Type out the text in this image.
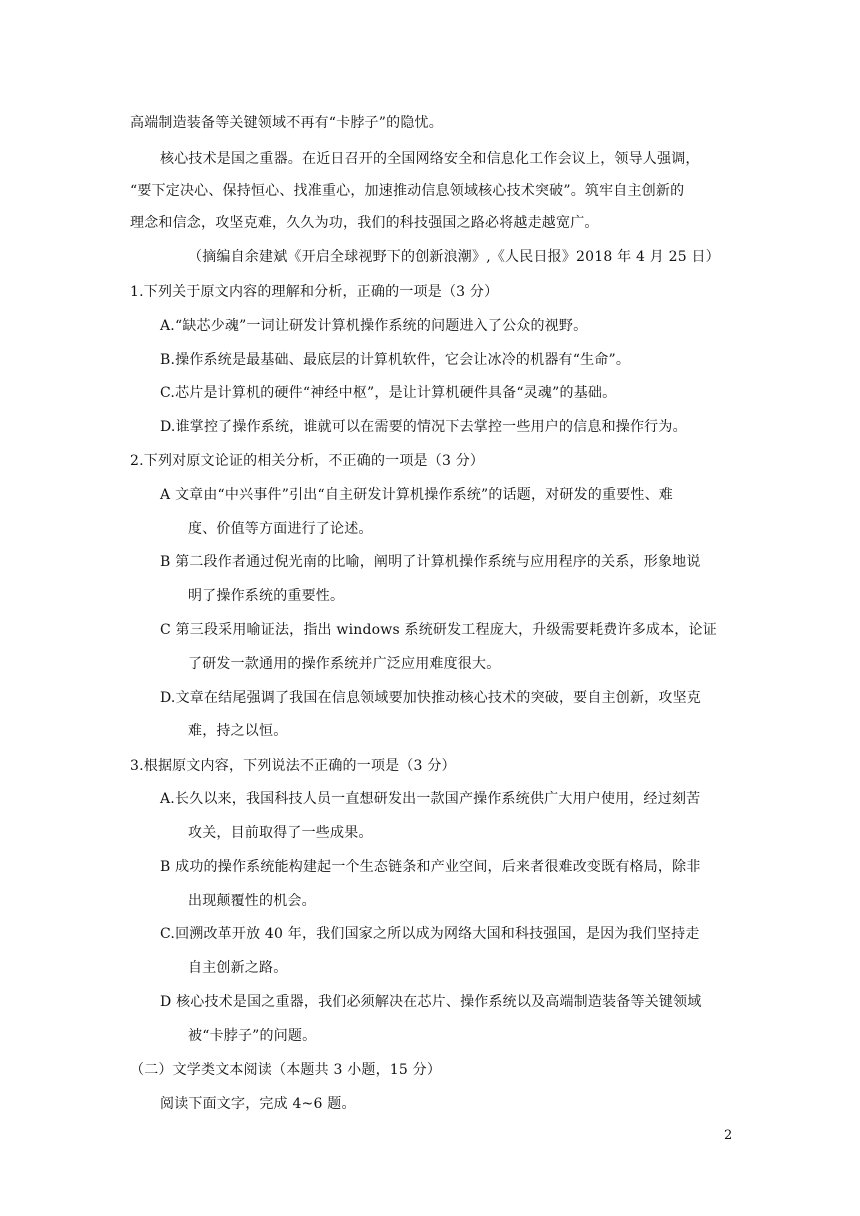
高端制造装备等关键领域不再有“卡脖子”的隐忧。
核心技术是国之重器。在近日召开的全国网络安全和信息化工作会议上，领导人强调，
“要下定决心、保持恒心、找准重心，加速推动信息领域核心技术突破”。筑牢自主创新的
理念和信念，攻坚克难，久久为功，我们的科技强国之路必将越走越宽广。
（摘编自余建斌《开启全球视野下的创新浪潮》,《人民日报》2018 年 4 月 25 日）
1.下列关于原文内容的理解和分析，正确的一项是（3 分）
A.“缺芯少魂”一词让研发计算机操作系统的问题进入了公众的视野。
B.操作系统是最基础、最底层的计算机软件，它会让冰冷的机器有“生命”。
C.芯片是计算机的硬件“神经中枢”，是让计算机硬件具备“灵魂”的基础。
D.谁掌控了操作系统，谁就可以在需要的情况下去掌控一些用户的信息和操作行为。
2.下列对原文论证的相关分析，不正确的一项是（3 分）
A 文章由“中兴事件”引出“自主研发计算机操作系统”的话题，对研发的重要性、难
度、价值等方面进行了论述。
B 第二段作者通过倪光南的比喻，阐明了计算机操作系统与应用程序的关系，形象地说
明了操作系统的重要性。
C 第三段采用喻证法，指出 windows 系统研发工程庞大，升级需要耗费许多成本，论证
了研发一款通用的操作系统并广泛应用难度很大。
D.文章在结尾强调了我国在信息领域要加快推动核心技术的突破，要自主创新，攻坚克
难，持之以恒。
3.根据原文内容，下列说法不正确的一项是（3 分）
A.长久以来，我国科技人员一直想研发出一款国产操作系统供广大用户使用，经过刻苦
攻关，目前取得了一些成果。
B 成功的操作系统能构建起一个生态链条和产业空间，后来者很难改变既有格局，除非
出现颠覆性的机会。
C.回溯改革开放 40 年，我们国家之所以成为网络大国和科技强国，是因为我们坚持走
自主创新之路。
D 核心技术是国之重器，我们必须解决在芯片、操作系统以及高端制造装备等关键领域
被“卡脖子”的问题。
（二）文学类文本阅读（本题共 3 小题，15 分）
阅读下面文字，完成 4~6 题。
2
